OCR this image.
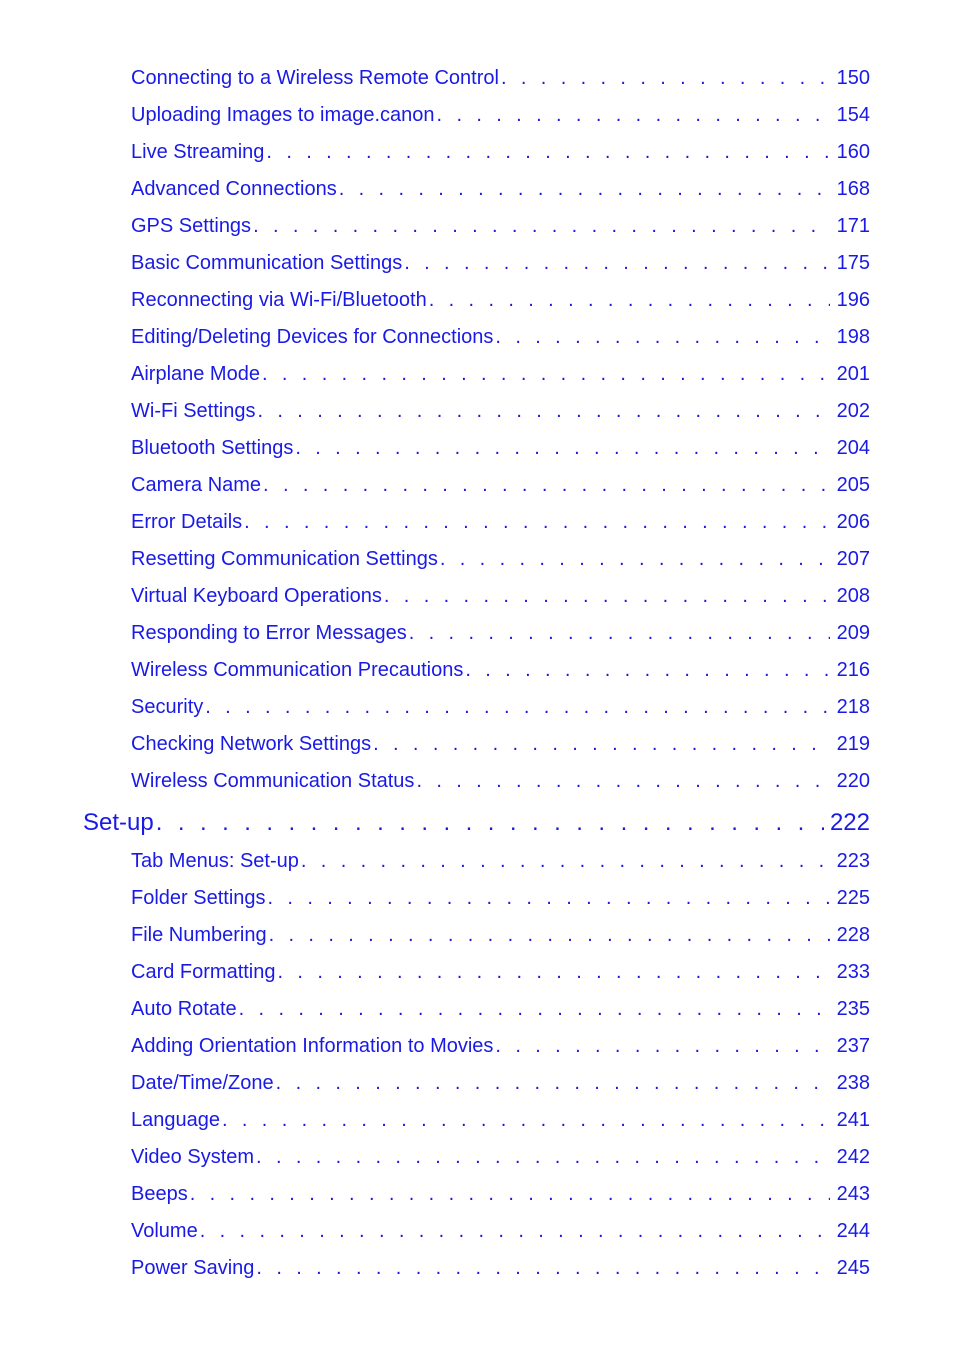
Connecting to a Wireless Remote Control . . .	150
Uploading Images to image.canon . . .	154
Live Streaming . . .	160
Advanced Connections . . .	168
GPS Settings . . .	171
Basic Communication Settings . . .	175
Reconnecting via Wi-Fi/Bluetooth . . .	196
Editing/Deleting Devices for Connections . . .	198
Airplane Mode . . .	201
Wi-Fi Settings . . .	202
Bluetooth Settings . . .	204
Camera Name . . .	205
Error Details . . .	206
Resetting Communication Settings . . .	207
Virtual Keyboard Operations . . .	208
Responding to Error Messages . . .	209
Wireless Communication Precautions . . .	216
Security . . .	218
Checking Network Settings . . .	219
Wireless Communication Status . . .	220
Set-up . . .	222
Tab Menus: Set-up . . .	223
Folder Settings . . .	225
File Numbering . . .	228
Card Formatting . . .	233
Auto Rotate . . .	235
Adding Orientation Information to Movies . . .	237
Date/Time/Zone . . .	238
Language . . .	241
Video System . . .	242
Beeps . . .	243
Volume . . .	244
Power Saving . . .	245
